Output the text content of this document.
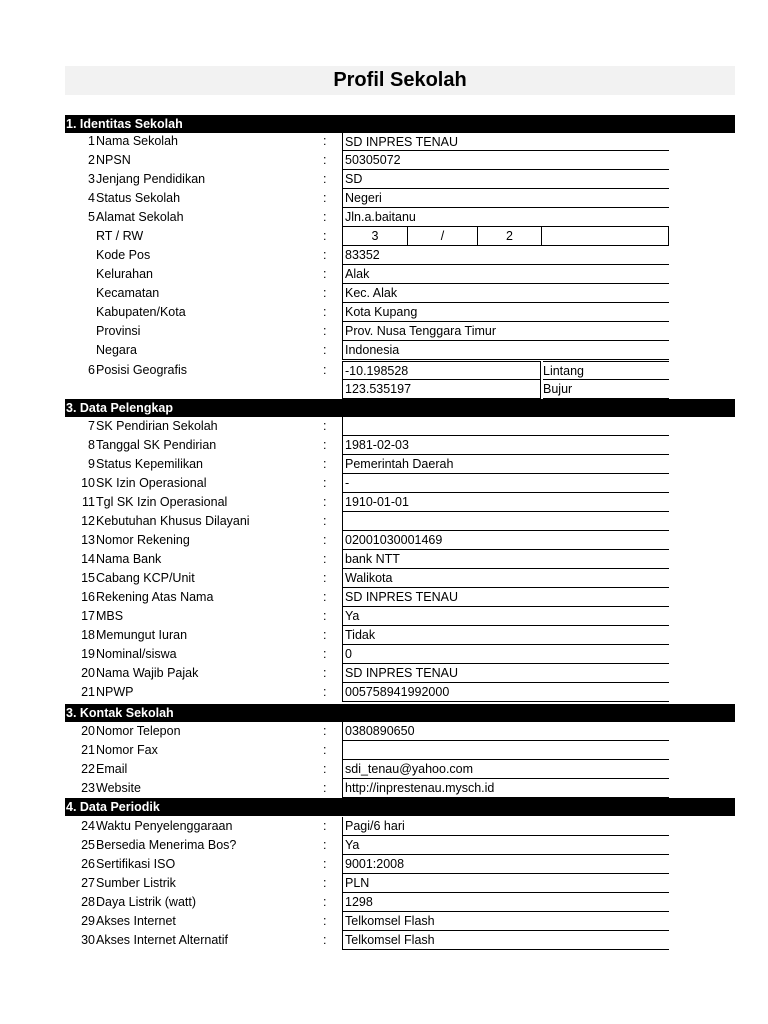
Profil Sekolah
1. Identitas Sekolah
1 Nama Sekolah	: SD INPRES TENAU
2 NPSN	: 50305072
3 Jenjang Pendidikan	: SD
4 Status Sekolah	: Negeri
5 Alamat Sekolah	: Jln.a.baitanu
RT / RW	:	3	/	2
Kode Pos	: 83352
Kelurahan	: Alak
Kecamatan	: Kec. Alak
Kabupaten/Kota	: Kota Kupang
Provinsi	: Prov. Nusa Tenggara Timur
Negara	: Indonesia
6 Posisi Geografis	: -10.198528	Lintang
123.535197	Bujur
3. Data Pelengkap
7 SK Pendirian Sekolah	:
8 Tanggal SK Pendirian	: 1981-02-03
9 Status Kepemilikan	: Pemerintah Daerah
10 SK Izin Operasional	: -
11 Tgl SK Izin Operasional	: 1910-01-01
12 Kebutuhan Khusus Dilayani	:
13 Nomor Rekening	: 02001030001469
14 Nama Bank	: bank NTT
15 Cabang KCP/Unit	: Walikota
16 Rekening Atas Nama	: SD INPRES TENAU
17 MBS	: Ya
18 Memungut Iuran	: Tidak
19 Nominal/siswa	: 0
20 Nama Wajib Pajak	: SD INPRES TENAU
21 NPWP	: 005758941992000
3. Kontak Sekolah
20 Nomor Telepon	: 0380890650
21 Nomor Fax	:
22 Email	: sdi_tenau@yahoo.com
23 Website	: http://inprestenau.mysch.id
4. Data Periodik
24 Waktu Penyelenggaraan	: Pagi/6 hari
25 Bersedia Menerima Bos?	: Ya
26 Sertifikasi ISO	: 9001:2008
27 Sumber Listrik	: PLN
28 Daya Listrik (watt)	: 1298
29 Akses Internet	: Telkomsel Flash
30 Akses Internet Alternatif	: Telkomsel Flash
